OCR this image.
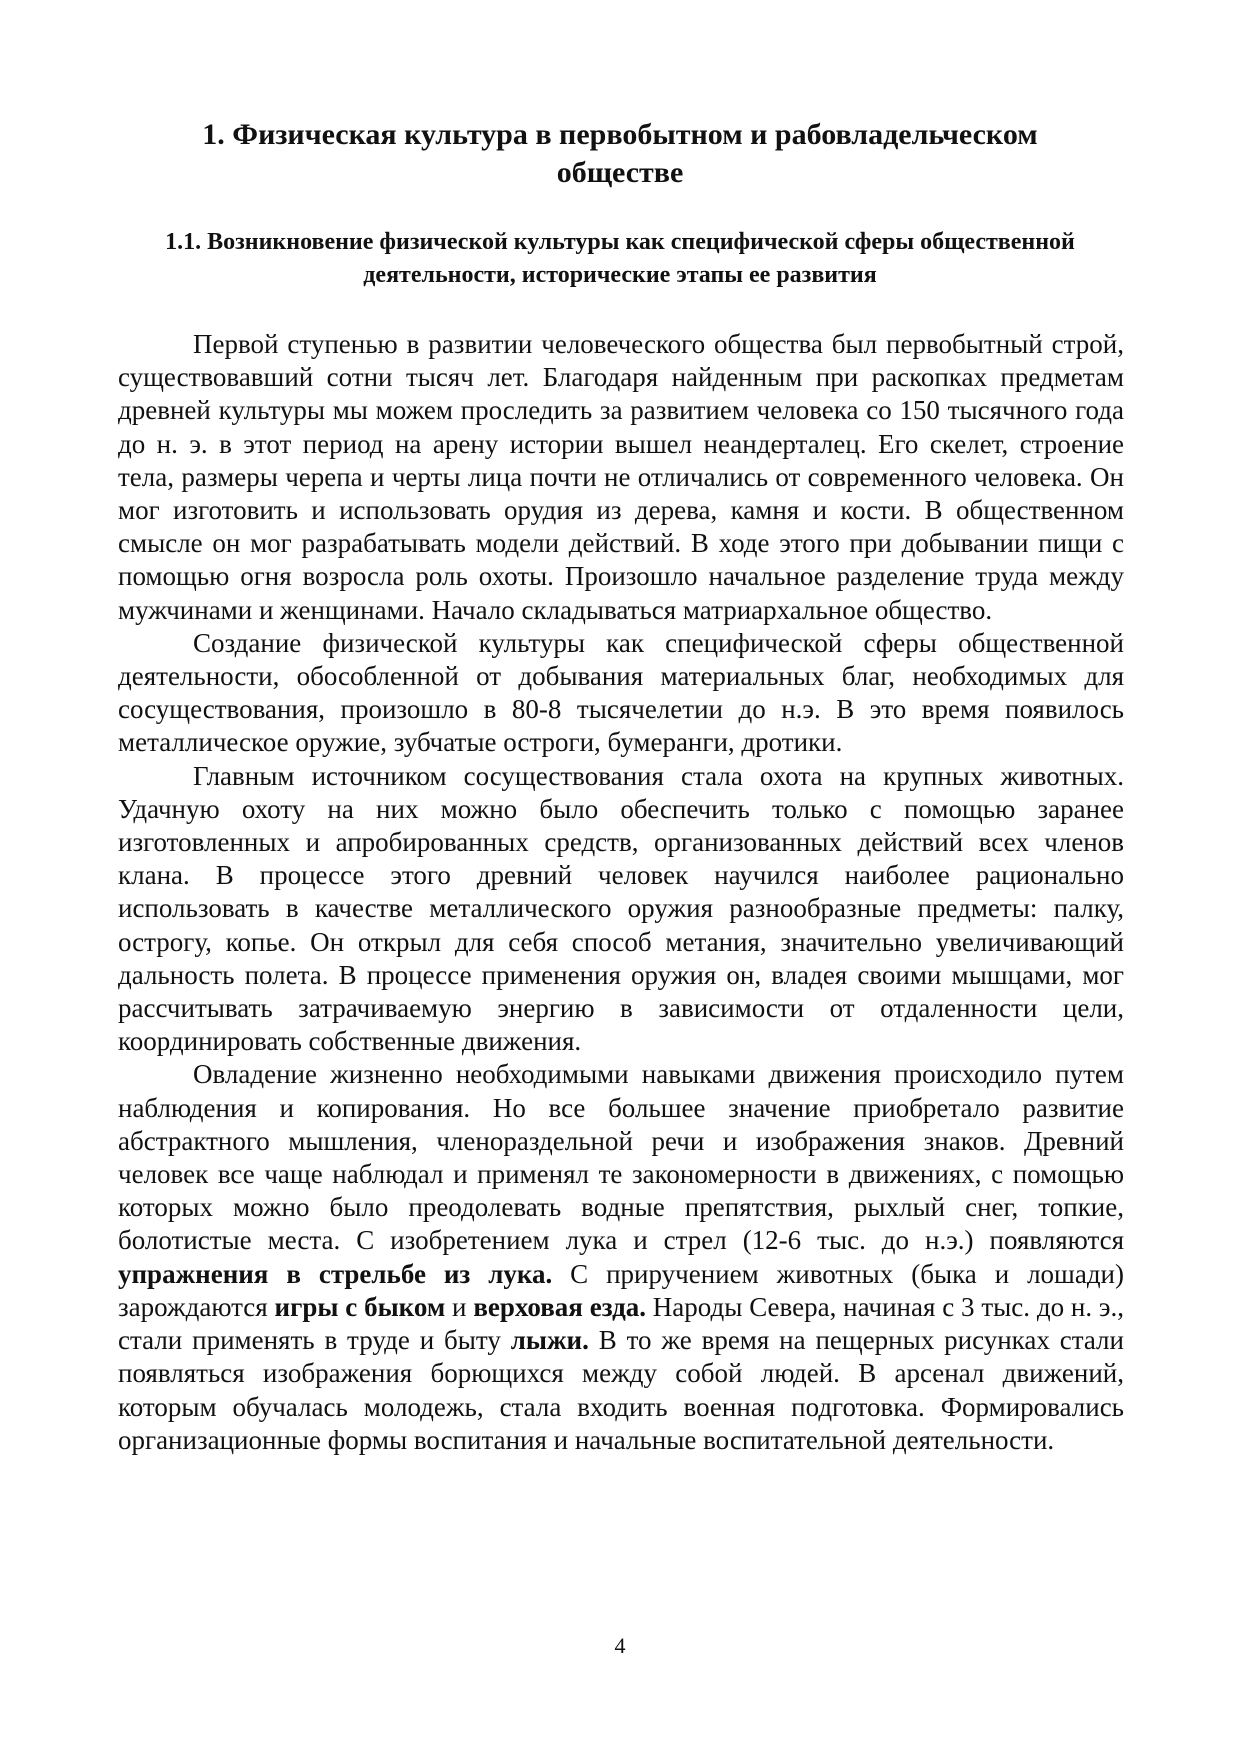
1. Физическая культура в первобытном и рабовладельческом обществе
1.1. Возникновение физической культуры как специфической сферы общественной деятельности, исторические этапы ее развития

Первой ступенью в развитии человеческого общества был первобытный строй, существовавший сотни тысяч лет. Благодаря найденным при раскопках предметам древней культуры мы можем проследить за развитием человека со 150 тысячного года до н. э. в этот период на арену истории вышел неандерталец. Его скелет, строение тела, размеры черепа и черты лица почти не отличались от современного человека. Он мог изготовить и использовать орудия из дерева, камня и кости. В общественном смысле он мог разрабатывать модели действий. В ходе этого при добывании пищи с помощью огня возросла роль охоты. Произошло начальное разделение труда между мужчинами и женщинами. Начало складываться матриархальное общество.

Создание физической культуры как специфической сферы общественной деятельности, обособленной от добывания материальных благ, необходимых для сосуществования, произошло в 80-8 тысячелетии до н.э. В это время появилось металлическое оружие, зубчатые остроги, бумеранги, дротики.

Главным источником сосуществования стала охота на крупных животных. Удачную охоту на них можно было обеспечить только с помощью заранее изготовленных и апробированных средств, организованных действий всех членов клана. В процессе этого древний человек научился наиболее рационально использовать в качестве металлического оружия разнообразные предметы: палку, острогу, копье. Он открыл для себя способ метания, значительно увеличивающий дальность полета. В процессе применения оружия он, владея своими мышцами, мог рассчитывать затрачиваемую энергию в зависимости от отдаленности цели, координировать собственные движения.

Овладение жизненно необходимыми навыками движения происходило путем наблюдения и копирования. Но все большее значение приобретало развитие абстрактного мышления, членораздельной речи и изображения знаков. Древний человек все чаще наблюдал и применял те закономерности в движениях, с помощью которых можно было преодолевать водные препятствия, рыхлый снег, топкие, болотистые места. С изобретением лука и стрел (12-6 тыс. до н.э.) появляются упражнения в стрельбе из лука. С приручением животных (быка и лошади) зарождаются игры с быком и верховая езда. Народы Севера, начиная с 3 тыс. до н. э., стали применять в труде и быту лыжи. В то же время на пещерных рисунках стали появляться изображения борющихся между собой людей. В арсенал движений, которым обучалась молодежь, стала входить военная подготовка. Формировались организационные формы воспитания и начальные воспитательной деятельности.

4
